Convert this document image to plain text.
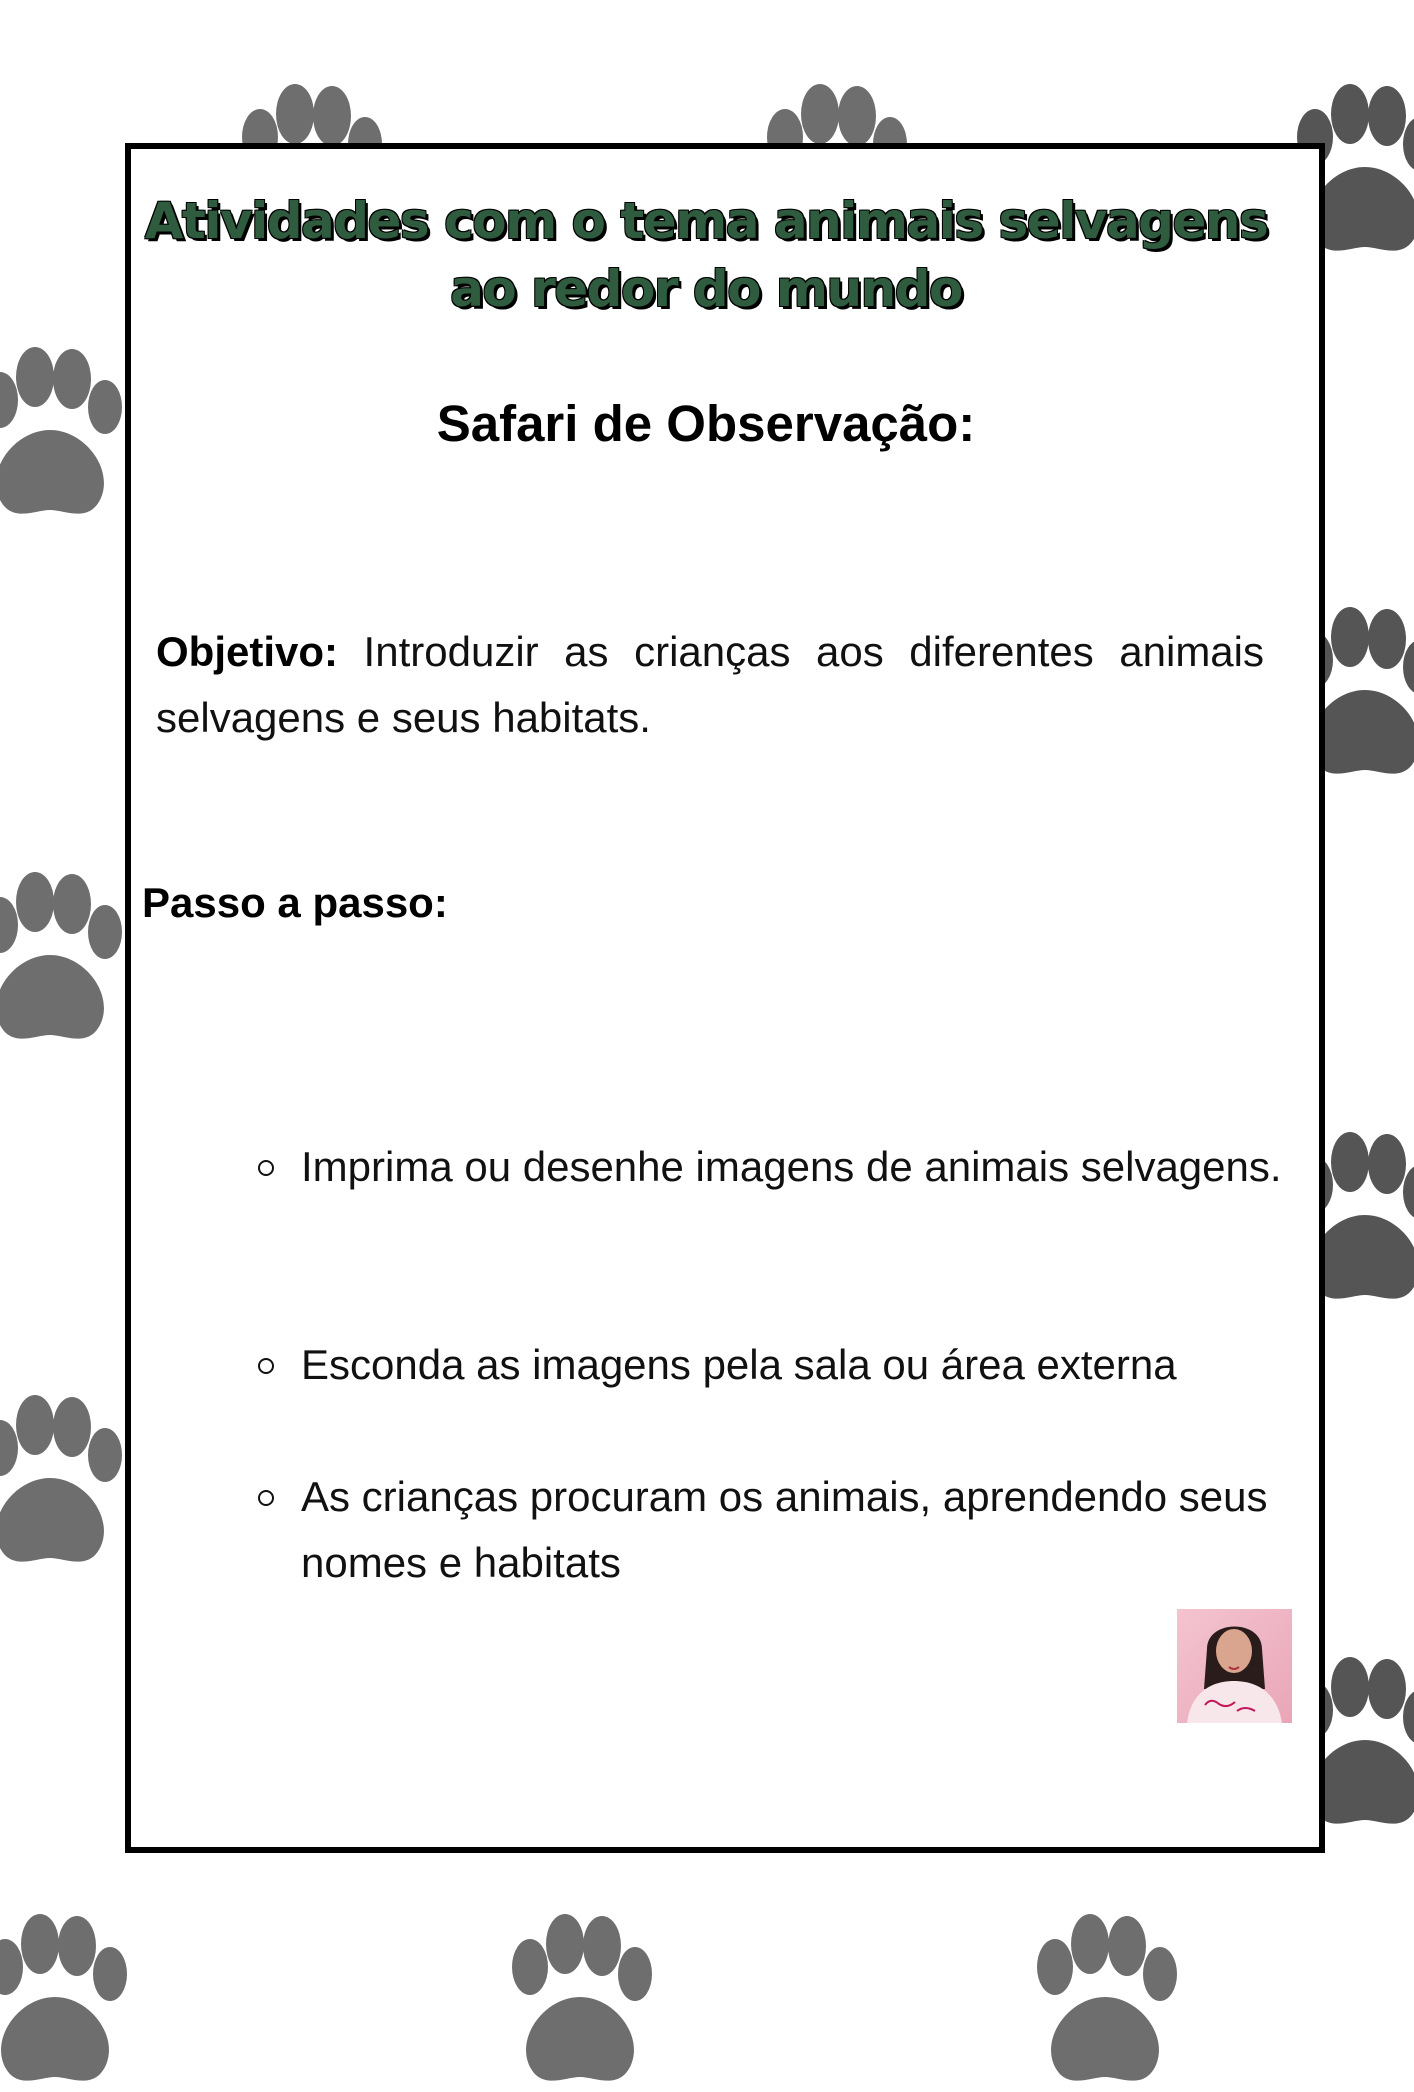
Atividades com o tema animais selvagens
ao redor do mundo
Safari de Observação:

Objetivo: Introduzir as crianças aos diferentes animais selvagens e seus habitats.

Passo a passo:
Imprima ou desenhe imagens de animais selvagens.
Esconda as imagens pela sala ou área externa
As crianças procuram os animais, aprendendo seus nomes e habitats
